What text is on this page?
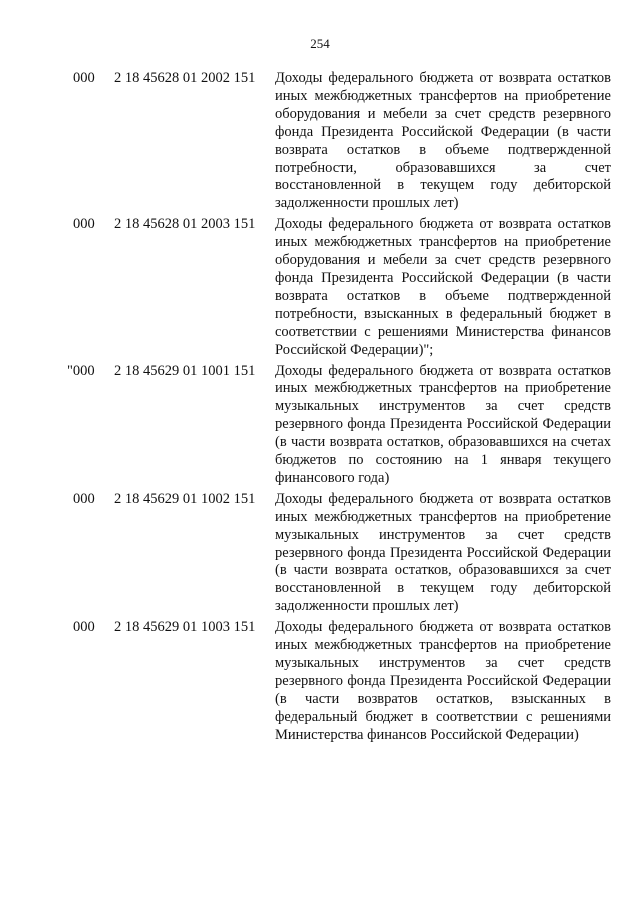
254
000	2 18 45628 01 2002 151	Доходы федерального бюджета от возврата остатков иных межбюджетных трансфертов на приобретение оборудования и мебели за счет средств резервного фонда Президента Российской Федерации (в части возврата остатков в объеме подтвержденной потребности, образовавшихся за счет восстановленной в текущем году дебиторской задолженности прошлых лет)
000	2 18 45628 01 2003 151	Доходы федерального бюджета от возврата остатков иных межбюджетных трансфертов на приобретение оборудования и мебели за счет средств резервного фонда Президента Российской Федерации (в части возврата остатков в объеме подтвержденной потребности, взысканных в федеральный бюджет в соответствии с решениями Министерства финансов Российской Федерации)";
"000 2 18 45629 01 1001 151	Доходы федерального бюджета от возврата остатков иных межбюджетных трансфертов на приобретение музыкальных инструментов за счет средств резервного фонда Президента Российской Федерации (в части возврата остатков, образовавшихся на счетах бюджетов по состоянию на 1 января текущего финансового года)
000	2 18 45629 01 1002 151	Доходы федерального бюджета от возврата остатков иных межбюджетных трансфертов на приобретение музыкальных инструментов за счет средств резервного фонда Президента Российской Федерации (в части возврата остатков, образовавшихся за счет восстановленной в текущем году дебиторской задолженности прошлых лет)
000	2 18 45629 01 1003 151	Доходы федерального бюджета от возврата остатков иных межбюджетных трансфертов на приобретение музыкальных инструментов за счет средств резервного фонда Президента Российской Федерации (в части возвратов остатков, взысканных в федеральный бюджет в соответствии с решениями Министерства финансов Российской Федерации)
